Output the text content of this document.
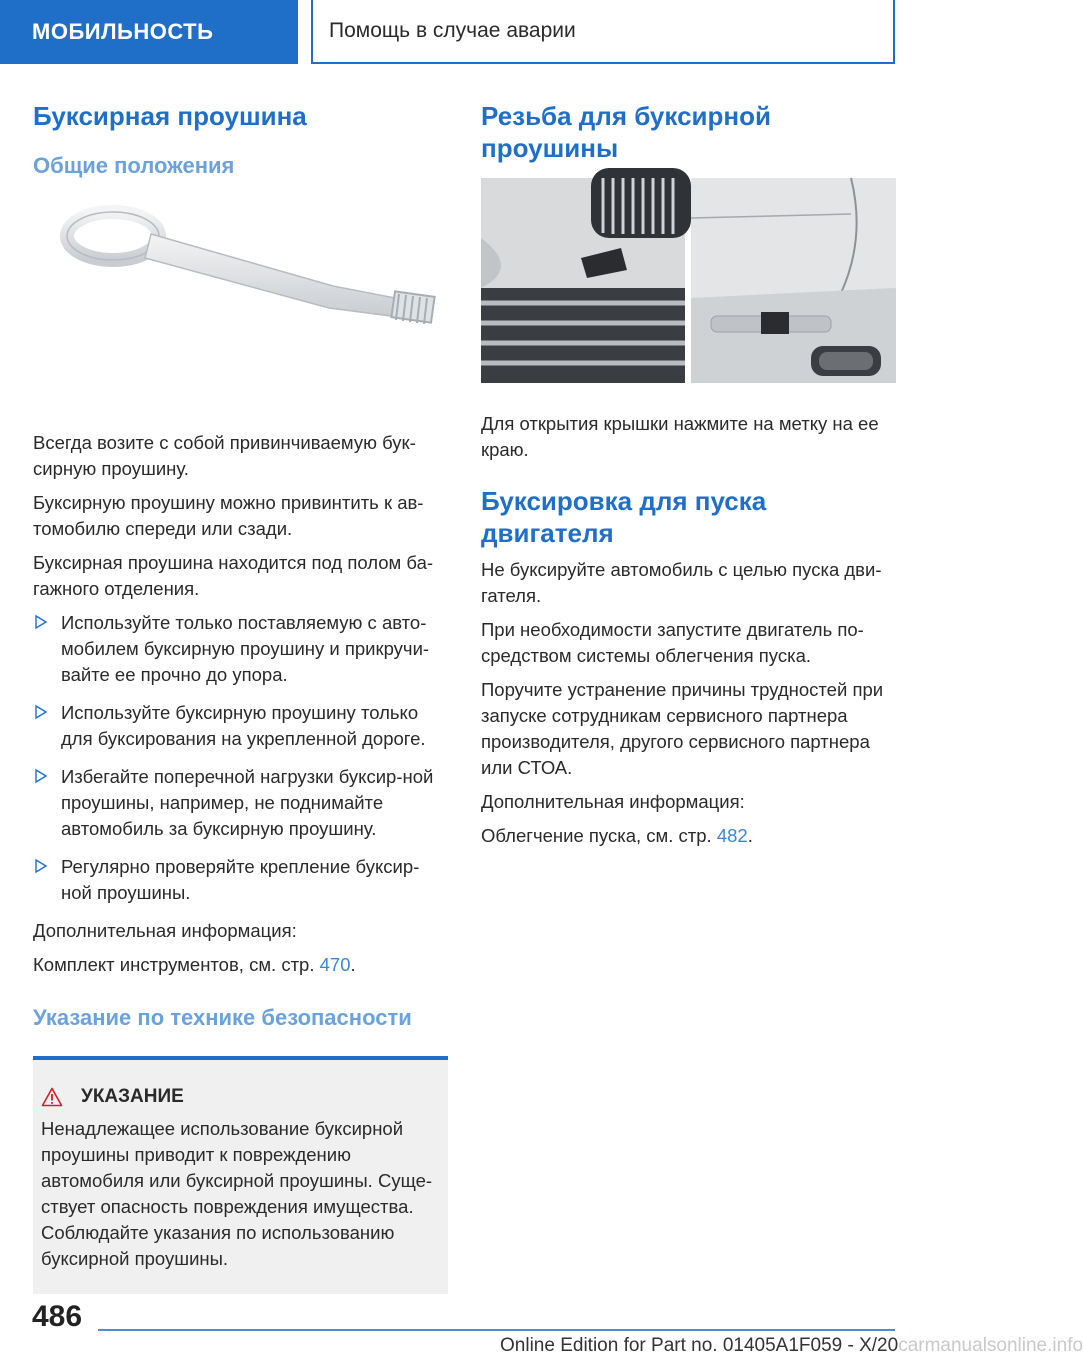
МОБИЛЬНОСТЬ	Помощь в случае аварии
Буксирная проушина
Общие положения

Всегда возите с собой привинчиваемую бук-сирную проушину.

Буксирную проушину можно привинтить к ав-томобилю спереди или сзади.

Буксирная проушина находится под полом ба-гажного отделения.

Используйте только поставляемую с авто-мобилем буксирную проушину и прикручи-вайте ее прочно до упора.
Используйте буксирную проушину только для буксирования на укрепленной дороге.
Избегайте поперечной нагрузки буксир-ной проушины, например, не поднимайте автомобиль за буксирную проушину.
Регулярно проверяйте крепление буксир-ной проушины.

Дополнительная информация:

Комплект инструментов, см. стр. 470.

Указание по технике безопасности
УКАЗАНИЕ

Ненадлежащее использование буксирной проушины приводит к повреждению автомобиля или буксирной проушины. Суще-ствует опасность повреждения имущества. Соблюдайте указания по использованию буксирной проушины.

Резьба для буксирной проушины

Для открытия крышки нажмите на метку на ее краю.

Буксировка для пуска двигателя

Не буксируйте автомобиль с целью пуска дви-гателя.

При необходимости запустите двигатель по-средством системы облегчения пуска.

Поручите устранение причины трудностей при запуске сотрудникам сервисного партнера производителя, другого сервисного партнера или СТОА.

Дополнительная информация:

Облегчение пуска, см. стр. 482.

486
Online Edition for Part no. 01405A1F059 - X/20carmanualsonline.info
